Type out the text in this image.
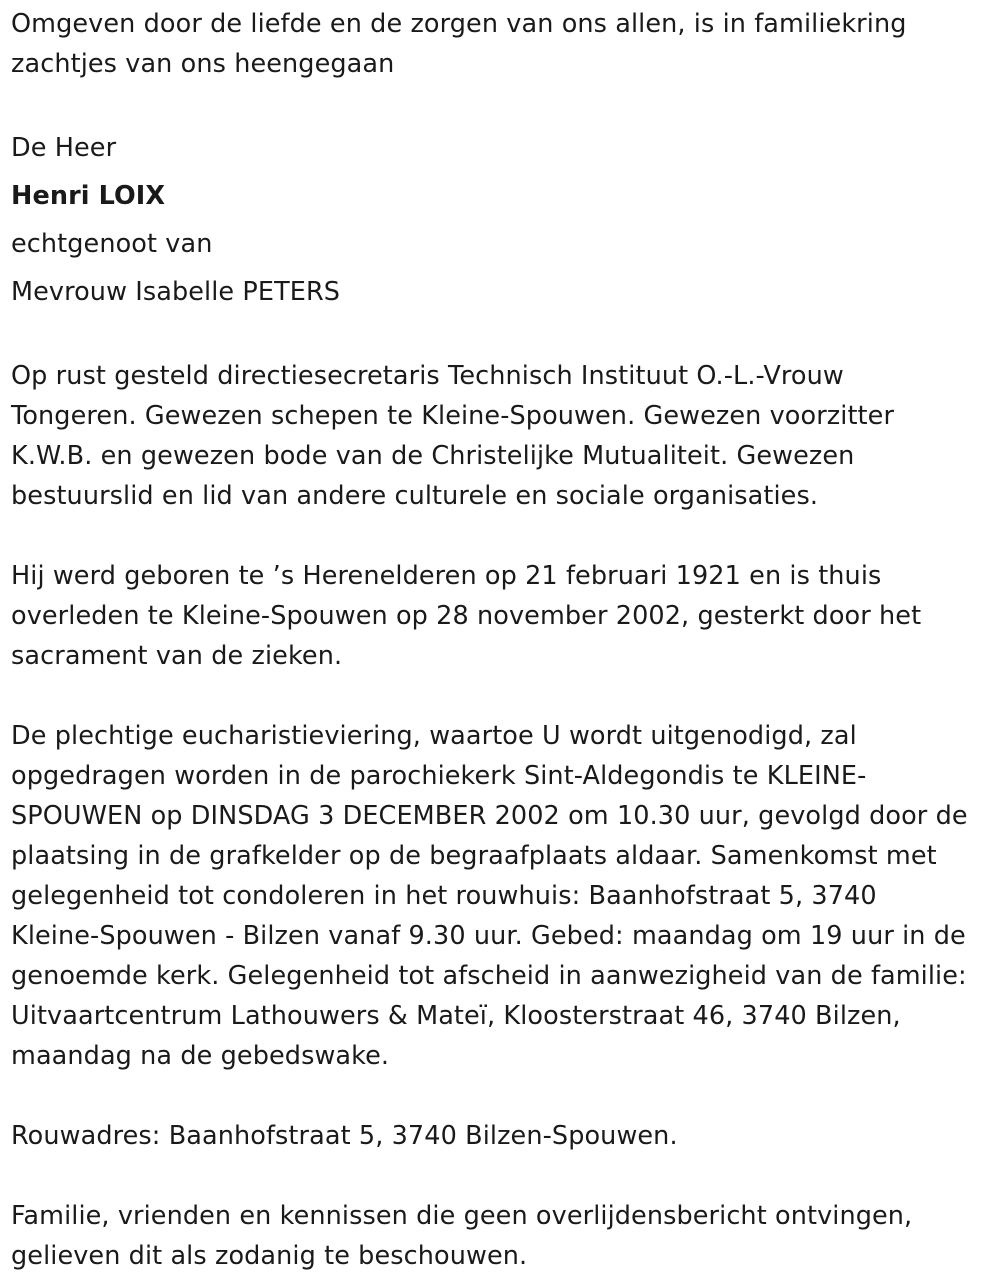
Omgeven door de liefde en de zorgen van ons allen, is in familiekring
zachtjes van ons heengegaan

De Heer

Henri LOIX

echtgenoot van

Mevrouw Isabelle PETERS

Op rust gesteld directiesecretaris Technisch Instituut O.-L.-Vrouw
Tongeren. Gewezen schepen te Kleine-Spouwen. Gewezen voorzitter
K.W.B. en gewezen bode van de Christelijke Mutualiteit. Gewezen
bestuurslid en lid van andere culturele en sociale organisaties.

Hij werd geboren te ’s Herenelderen op 21 februari 1921 en is thuis
overleden te Kleine-Spouwen op 28 november 2002, gesterkt door het
sacrament van de zieken.

De plechtige eucharistieviering, waartoe U wordt uitgenodigd, zal
opgedragen worden in de parochiekerk Sint-Aldegondis te KLEINE-
SPOUWEN op DINSDAG 3 DECEMBER 2002 om 10.30 uur, gevolgd door de
plaatsing in de grafkelder op de begraafplaats aldaar. Samenkomst met
gelegenheid tot condoleren in het rouwhuis: Baanhofstraat 5, 3740
Kleine-Spouwen - Bilzen vanaf 9.30 uur. Gebed: maandag om 19 uur in de
genoemde kerk. Gelegenheid tot afscheid in aanwezigheid van de familie:
Uitvaartcentrum Lathouwers & Mateï, Kloosterstraat 46, 3740 Bilzen,
maandag na de gebedswake.

Rouwadres: Baanhofstraat 5, 3740 Bilzen-Spouwen.

Familie, vrienden en kennissen die geen overlijdensbericht ontvingen,
gelieven dit als zodanig te beschouwen.
